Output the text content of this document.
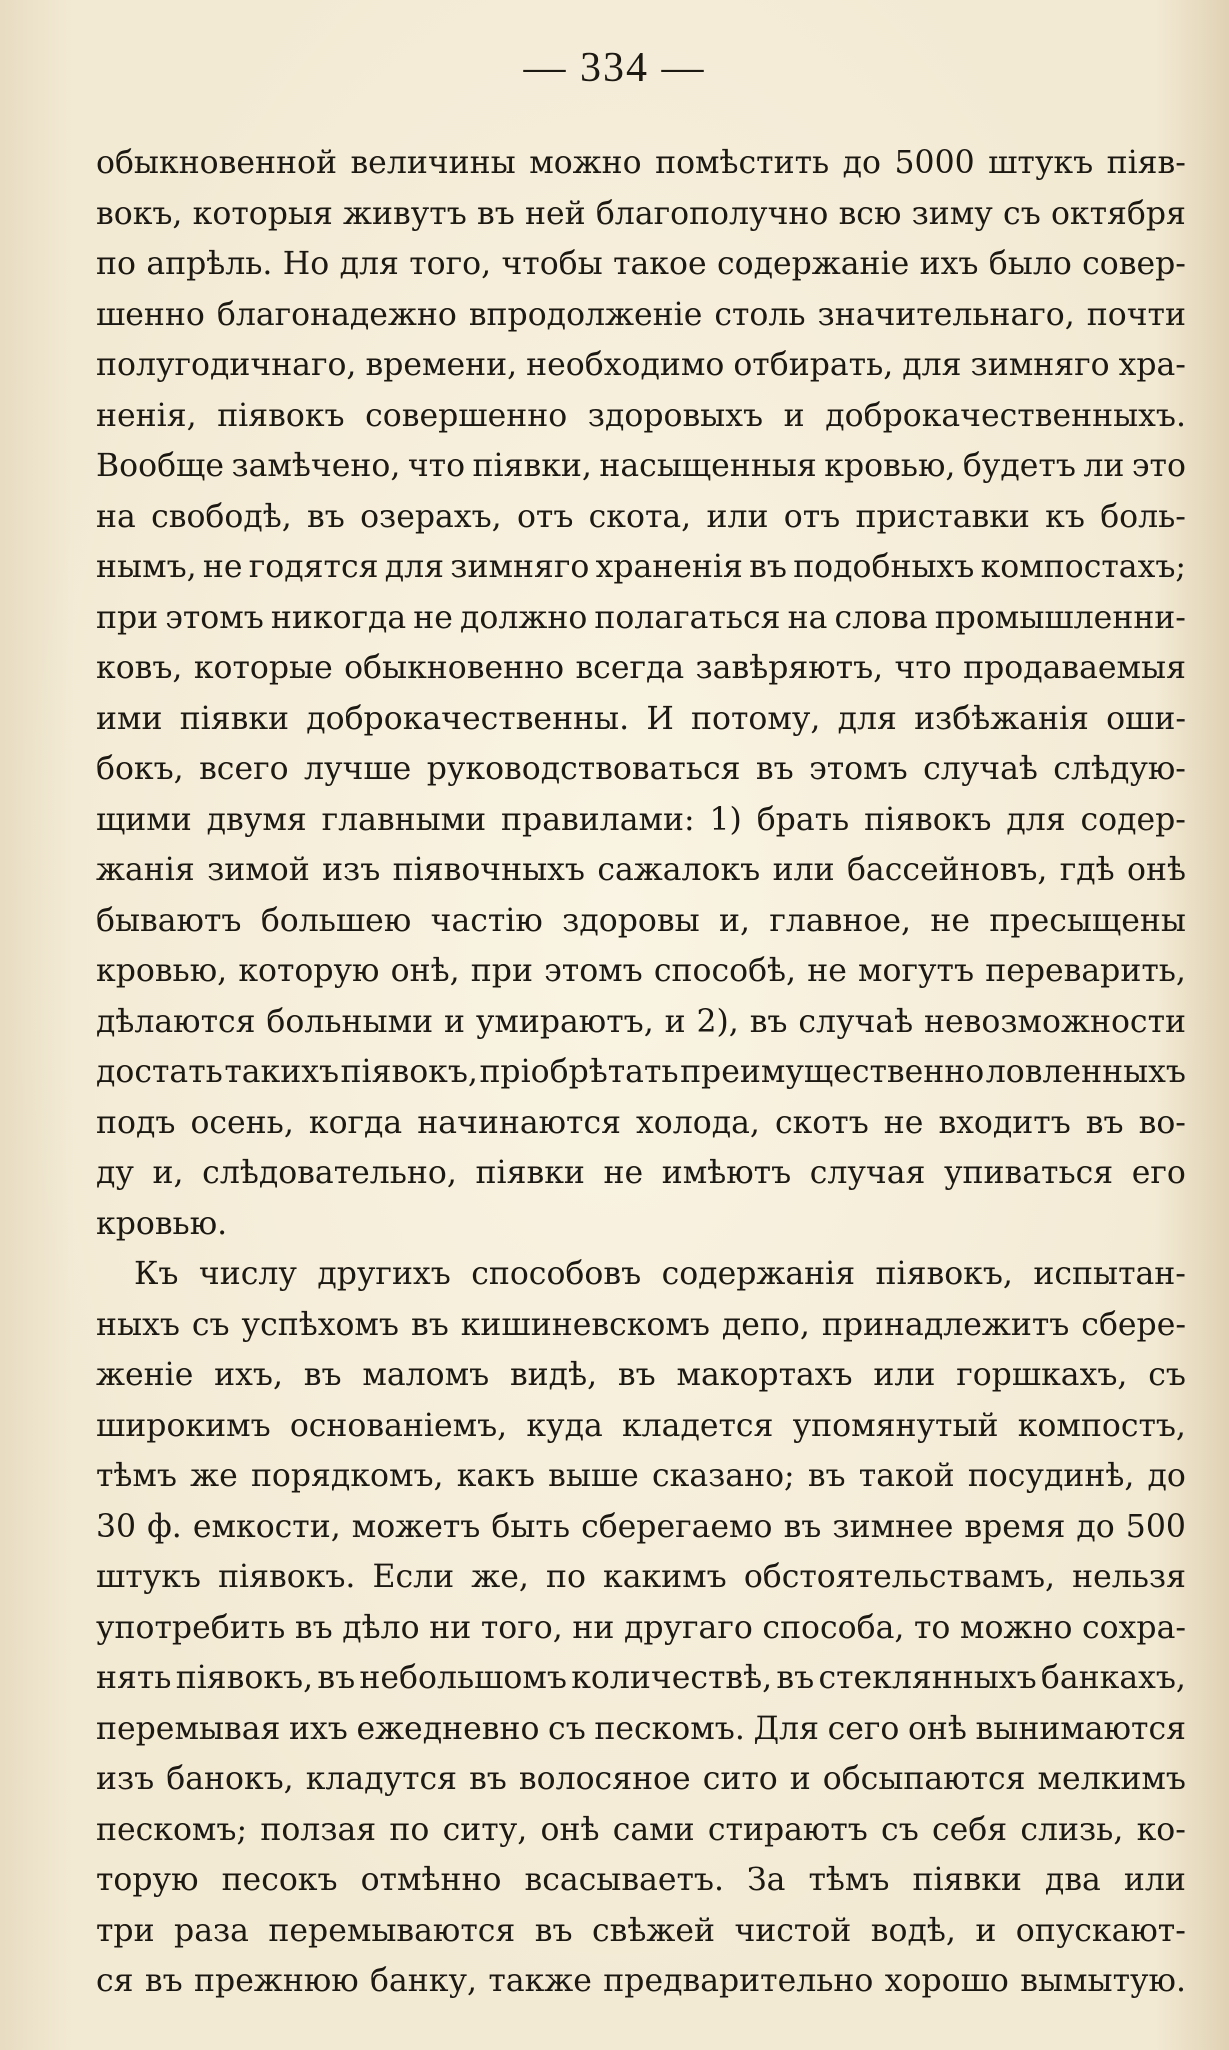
— 334 —
обыкновенной величины можно помѣстить до 5000 штукъ піяв-
вокъ, которыя живутъ въ ней благополучно всю зиму съ октября
по апрѣль. Но для того, чтобы такое содержаніе ихъ было совер-
шенно благонадежно впродолженіе столь значительнаго, почти
полугодичнаго, времени, необходимо отбирать, для зимняго хра-
ненія, піявокъ совершенно здоровыхъ и доброкачественныхъ.
Вообще замѣчено, что піявки, насыщенныя кровью, будетъ ли это
на свободѣ, въ озерахъ, отъ скота, или отъ приставки къ боль-
нымъ, не годятся для зимняго храненія въ подобныхъ компостахъ;
при этомъ никогда не должно полагаться на слова промышленни-
ковъ, которые обыкновенно всегда завѣряютъ, что продаваемыя
ими піявки доброкачественны. И потому, для избѣжанія оши-
бокъ, всего лучше руководствоваться въ этомъ случаѣ слѣдую-
щими двумя главными правилами: 1) брать піявокъ для содер-
жанія зимой изъ піявочныхъ сажалокъ или бассейновъ, гдѣ онѣ
бываютъ большею частію здоровы и, главное, не пресыщены
кровью, которую онѣ, при этомъ способѣ, не могутъ переварить,
дѣлаются больными и умираютъ, и 2), въ случаѣ невозможности
достать такихъ піявокъ, пріобрѣтать преимущественно ловленныхъ
подъ осень, когда начинаются холода, скотъ не входитъ въ во-
ду и, слѣдовательно, піявки не имѣютъ случая упиваться его
кровью.
Къ числу другихъ способовъ содержанія піявокъ, испытан-
ныхъ съ успѣхомъ въ кишиневскомъ депо, принадлежитъ сбере-
женіе ихъ, въ маломъ видѣ, въ макортахъ или горшкахъ, съ
широкимъ основаніемъ, куда кладется упомянутый компостъ,
тѣмъ же порядкомъ, какъ выше сказано; въ такой посудинѣ, до
30 ф. емкости, можетъ быть сберегаемо въ зимнее время до 500
штукъ піявокъ. Если же, по какимъ обстоятельствамъ, нельзя
употребить въ дѣло ни того, ни другаго способа, то можно сохра-
нять піявокъ, въ небольшомъ количествѣ, въ стеклянныхъ банкахъ,
перемывая ихъ ежедневно съ пескомъ. Для сего онѣ вынимаются
изъ банокъ, кладутся въ волосяное сито и обсыпаются мелкимъ
пескомъ; ползая по ситу, онѣ сами стираютъ съ себя слизь, ко-
торую песокъ отмѣнно всасываетъ. За тѣмъ піявки два или
три раза перемываются въ свѣжей чистой водѣ, и опускают-
ся въ прежнюю банку, также предварительно хорошо вымытую.
